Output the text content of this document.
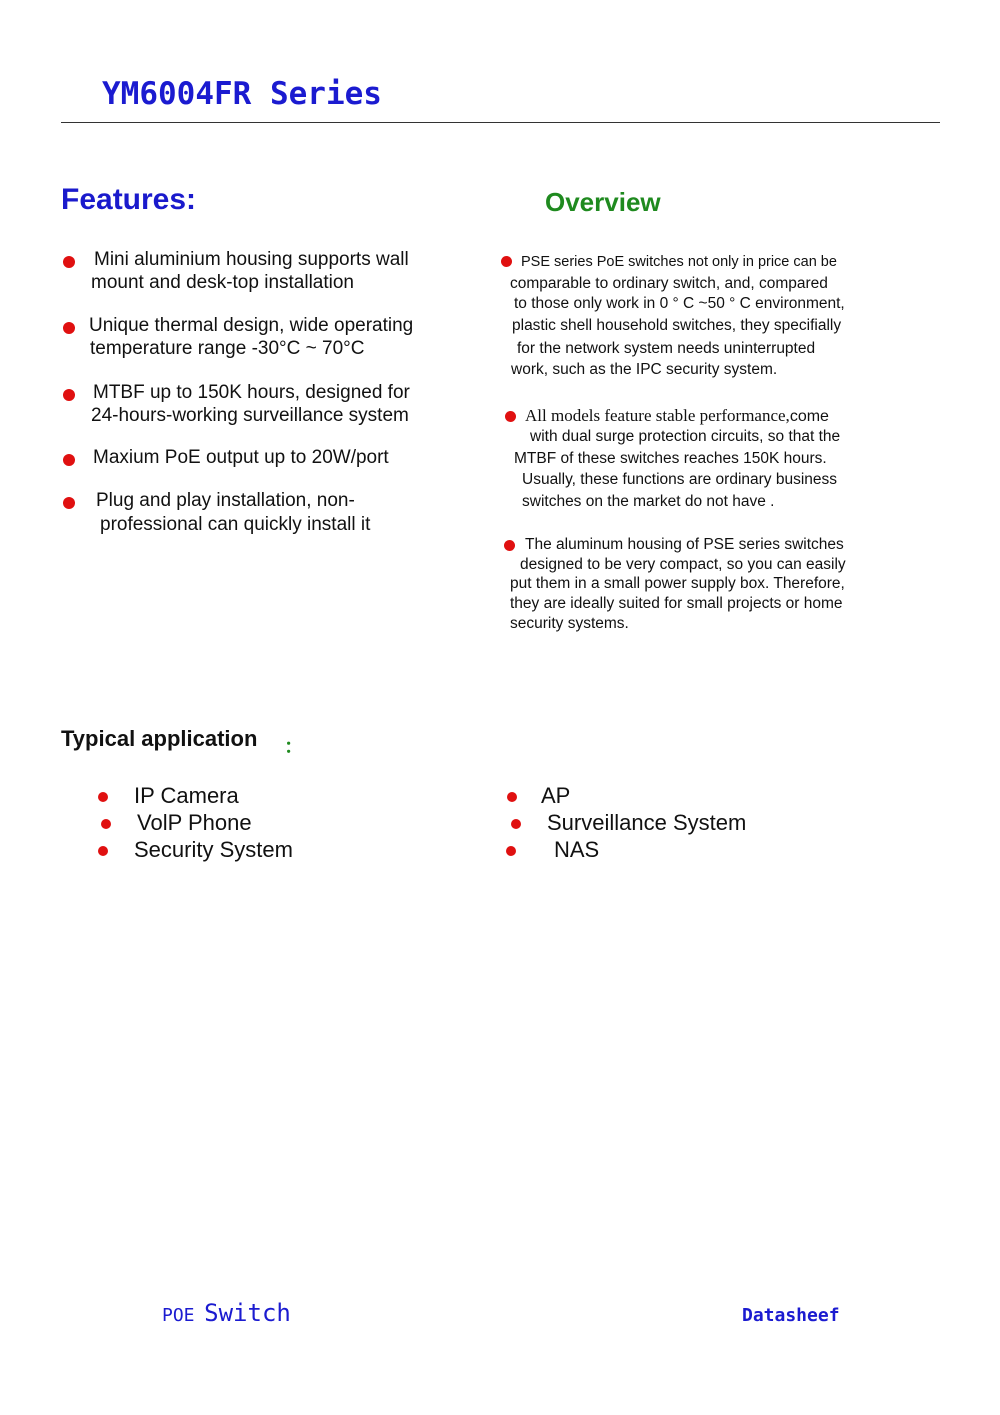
YM6004FR Series
Features:
Mini aluminium housing supports wall
mount and desk-top installation
Unique thermal design, wide operating
temperature range -30°C ~ 70°C
MTBF up to 150K hours, designed for
24-hours-working surveillance system
Maxium PoE output up to 20W/port
Plug and play installation, non-
professional can quickly install it
Overview
PSE series PoE switches not only in price can be
comparable to ordinary switch, and, compared
to those only work in 0 ° C ~50 ° C environment,
plastic shell household switches, they specifially
for the network system needs uninterrupted
work, such as the IPC security system.
All models feature stable performance,come
with dual surge protection circuits, so that the
MTBF of these switches reaches 150K hours.
Usually, these functions are ordinary business
switches on the market do not have .
The aluminum housing of PSE series switches
designed to be very compact, so you can easily
put them in a small power supply box. Therefore,
they are ideally suited for small projects or home
security systems.
Typical application ：
IP Camera
VolP Phone
Security System
AP
Surveillance System
NAS
POE Switch	Datasheef
